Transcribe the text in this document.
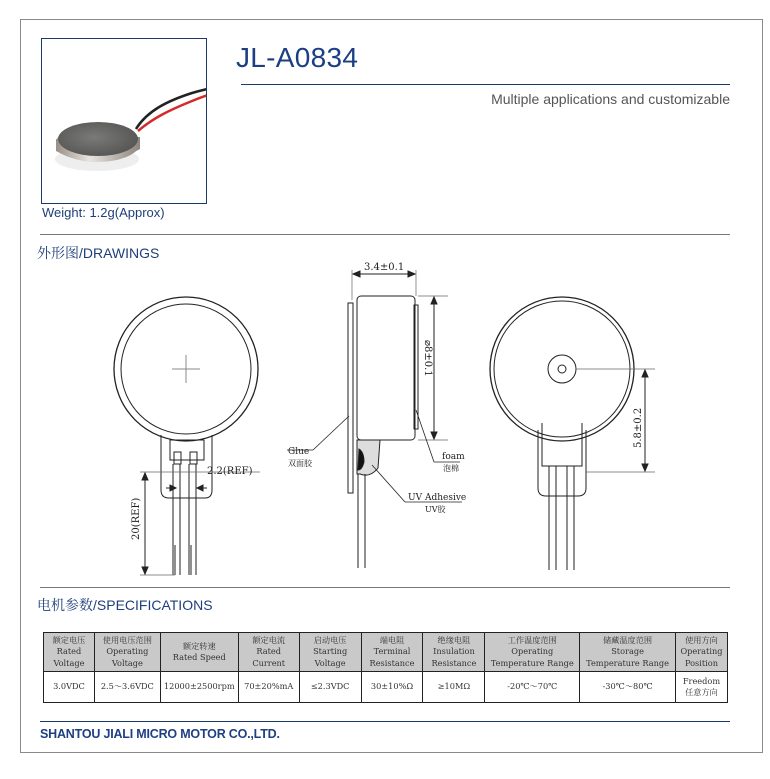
Weight: 1.2g(Approx)
JL-A0834
Multiple applications and customizable
外形图/DRAWINGS
2.2(REF)
20(REF)
3.4±0.1
⌀8±0.1
Glue
双面胶
foam
泡棉
UV Adhesive
UV胶
5.8±0.2
电机参数/SPECIFICATIONS
额定电压
Rated
Voltage	使用电压范围
Operating
Voltage	额定转速
Rated Speed	额定电流
Rated
Current	启动电压
Starting
Voltage	端电阻
Terminal
Resistance	绝缘电阻
Insulation
Resistance	工作温度范围
Operating
Temperature Range	储藏温度范围
Storage
Temperature Range	使用方向
Operating
Position
3.0VDC	2.5～3.6VDC	12000±2500rpm	70±20%mA	≤2.3VDC	30±10%Ω	≥10MΩ	-20℃～70℃	-30℃～80℃	Freedom
任意方向
SHANTOU JIALI MICRO MOTOR CO.,LTD.
